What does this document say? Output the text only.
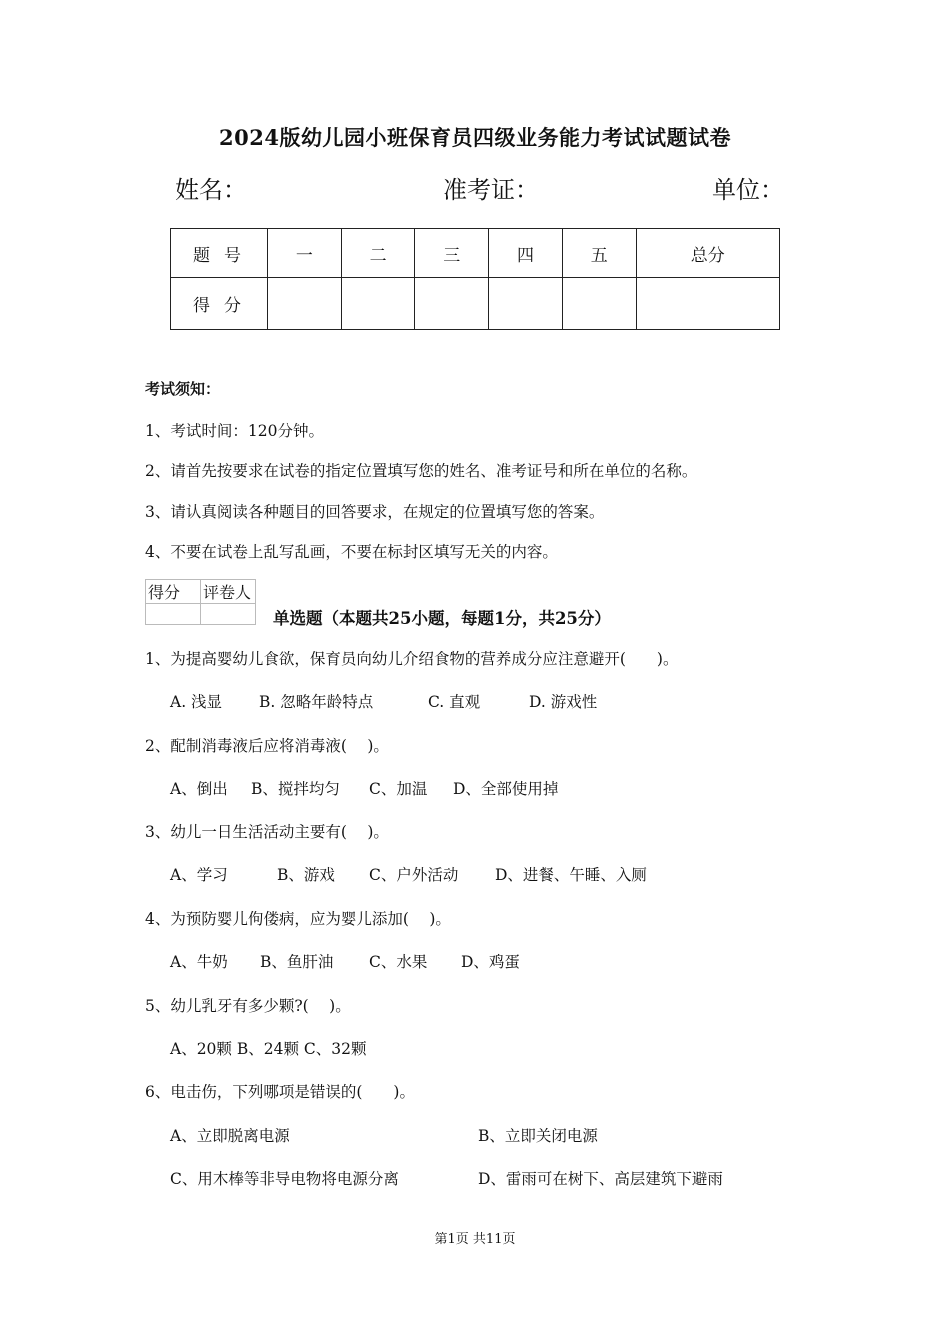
2024版幼儿园小班保育员四级业务能力考试试题试卷
姓名：	准考证：	单位：
题号	一	二	三	四	五	总分
得分						
考试须知：
1、考试时间：120分钟。
2、请首先按要求在试卷的指定位置填写您的姓名、准考证号和所在单位的名称。
3、请认真阅读各种题目的回答要求，在规定的位置填写您的答案。
4、不要在试卷上乱写乱画，不要在标封区填写无关的内容。
得分	评卷人

单选题（本题共25小题，每题1分，共25分）
1、为提高婴幼儿食欲，保育员向幼儿介绍食物的营养成分应注意避开(　　)。
A. 浅显 B. 忽略年龄特点	C. 直观	D. 游戏性
2、配制消毒液后应将消毒液(　 )。
A、倒出 B、搅拌均匀 C、加温 D、全部使用掉
3、幼儿一日生活活动主要有(　 )。
A、学习	B、游戏 C、户外活动 D、进餐、午睡、入厕
4、为预防婴儿佝偻病，应为婴儿添加(　 )。
A、牛奶 B、鱼肝油 C、水果 D、鸡蛋
5、幼儿乳牙有多少颗?(　 )。
A、20颗 B、24颗 C、32颗
6、电击伤，下列哪项是错误的(　　)。
A、立即脱离电源	B、立即关闭电源
C、用木棒等非导电物将电源分离	D、雷雨可在树下、高层建筑下避雨
第1页 共11页
